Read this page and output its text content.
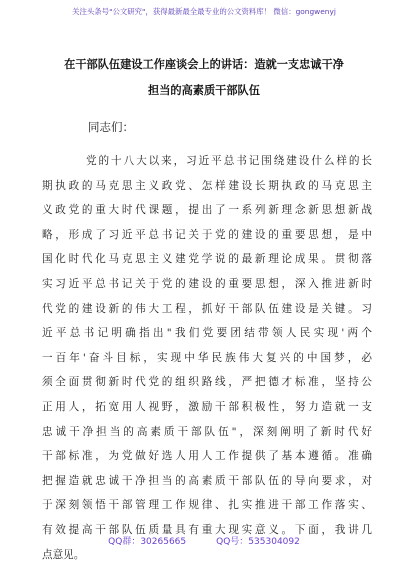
关注头条号"公文研究"，获得最新最全最专业的公文资料库！ 微信：gongwenyj
在干部队伍建设工作座谈会上的讲话：造就一支忠诚干净
担当的高素质干部队伍
同志们：
党的十八大以来，习近平总书记围绕建设什么样的长
期执政的马克思主义政党、怎样建设长期执政的马克思主
义政党的重大时代课题，提出了一系列新理念新思想新战
略，形成了习近平总书记关于党的建设的重要思想，是中
国化时代化马克思主义建党学说的最新理论成果。贯彻落
实习近平总书记关于党的建设的重要思想，深入推进新时
代党的建设新的伟大工程，抓好干部队伍建设是关键。习
近平总书记明确指出"我们党要团结带领人民实现'两个
一百年'奋斗目标，实现中华民族伟大复兴的中国梦，必
须全面贯彻新时代党的组织路线，严把德才标准，坚持公
正用人，拓宽用人视野，激励干部积极性，努力造就一支
忠诚干净担当的高素质干部队伍"，深刻阐明了新时代好
干部标准，为党做好选人用人工作提供了基本遵循。准确
把握造就忠诚干净担当的高素质干部队伍的导向要求，对
于深刻领悟干部管理工作规律、扎实推进干部工作落实、
有效提高干部队伍质量具有重大现实意义。下面，我讲几
点意见。
QQ群：30265665	QQ号：535304092
